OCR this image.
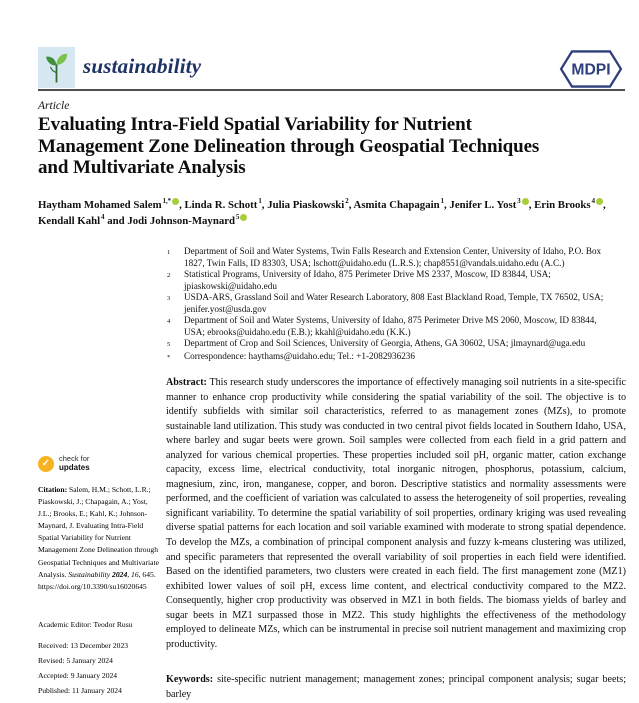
sustainability	MDPI
Article
Evaluating Intra-Field Spatial Variability for Nutrient
Management Zone Delineation through Geospatial Techniques
and Multivariate Analysis
Haytham Mohamed Salem$^{1,*}$ , Linda R. Schott$^1$, Julia Piaskowski$^2$, Asmita Chapagain$^1$, Jenifer L. Yost$^3$ , Erin Brooks$^4$ , Kendall Kahl$^4$ and Jodi Johnson-Maynard$^5$
1	Department of Soil and Water Systems, Twin Falls Research and Extension Center, University of Idaho, P.O. Box 1827, Twin Falls, ID 83303, USA; lschott@uidaho.edu (L.R.S.); chap8551@vandals.uidaho.edu (A.C.)
2	Statistical Programs, University of Idaho, 875 Perimeter Drive MS 2337, Moscow, ID 83844, USA; jpiaskowski@uidaho.edu
3	USDA-ARS, Grassland Soil and Water Research Laboratory, 808 East Blackland Road, Temple, TX 76502, USA; jenifer.yost@usda.gov
4	Department of Soil and Water Systems, University of Idaho, 875 Perimeter Drive MS 2060, Moscow, ID 83844, USA; ebrooks@uidaho.edu (E.B.); kkahl@uidaho.edu (K.K.)
5	Department of Crop and Soil Sciences, University of Georgia, Athens, GA 30602, USA; jlmaynard@uga.edu
*	Correspondence: haythams@uidaho.edu; Tel.: +1-2082936236
Abstract: This research study underscores the importance of effectively managing soil nutrients in a site-specific manner to enhance crop productivity while considering the spatial variability of the soil. The objective is to identify subfields with similar soil characteristics, referred to as management zones (MZs), to promote sustainable land utilization. This study was conducted in two central pivot fields located in Southern Idaho, USA, where barley and sugar beets were grown. Soil samples were collected from each field in a grid pattern and analyzed for various chemical properties. These properties included soil pH, organic matter, cation exchange capacity, excess lime, electrical conductivity, total inorganic nitrogen, phosphorus, potassium, calcium, magnesium, zinc, iron, manganese, copper, and boron. Descriptive statistics and normality assessments were performed, and the coefficient of variation was calculated to assess the heterogeneity of soil properties, revealing significant variability. To determine the spatial variability of soil properties, ordinary kriging was used revealing diverse spatial patterns for each location and soil variable examined with moderate to strong spatial dependence. To develop the MZs, a combination of principal component analysis and fuzzy k-means clustering was utilized, and specific parameters that represented the overall variability of soil properties in each field were identified. Based on the identified parameters, two clusters were created in each field. The first management zone (MZ1) exhibited lower values of soil pH, excess lime content, and electrical conductivity compared to the MZ2. Consequently, higher crop productivity was observed in MZ1 in both fields. The biomass yields of barley and sugar beets in MZ1 surpassed those in MZ2. This study highlights the effectiveness of the methodology employed to delineate MZs, which can be instrumental in precise soil nutrient management and maximizing crop productivity.
Keywords: site-specific nutrient management; management zones; principal component analysis; sugar beets; barley
✓	check for
updates
Citation: Salem, H.M.; Schott, L.R.; Piaskowski, J.; Chapagain, A.; Yost, J.L.; Brooks, E.; Kahl, K.; Johnson-Maynard, J. Evaluating Intra-Field Spatial Variability for Nutrient Management Zone Delineation through Geospatial Techniques and Multivariate Analysis. Sustainability 2024, 16, 645. https://doi.org/10.3390/su16020645
Academic Editor: Teodor Rusu
Received: 13 December 2023
Revised: 5 January 2024
Accepted: 9 January 2024
Published: 11 January 2024
